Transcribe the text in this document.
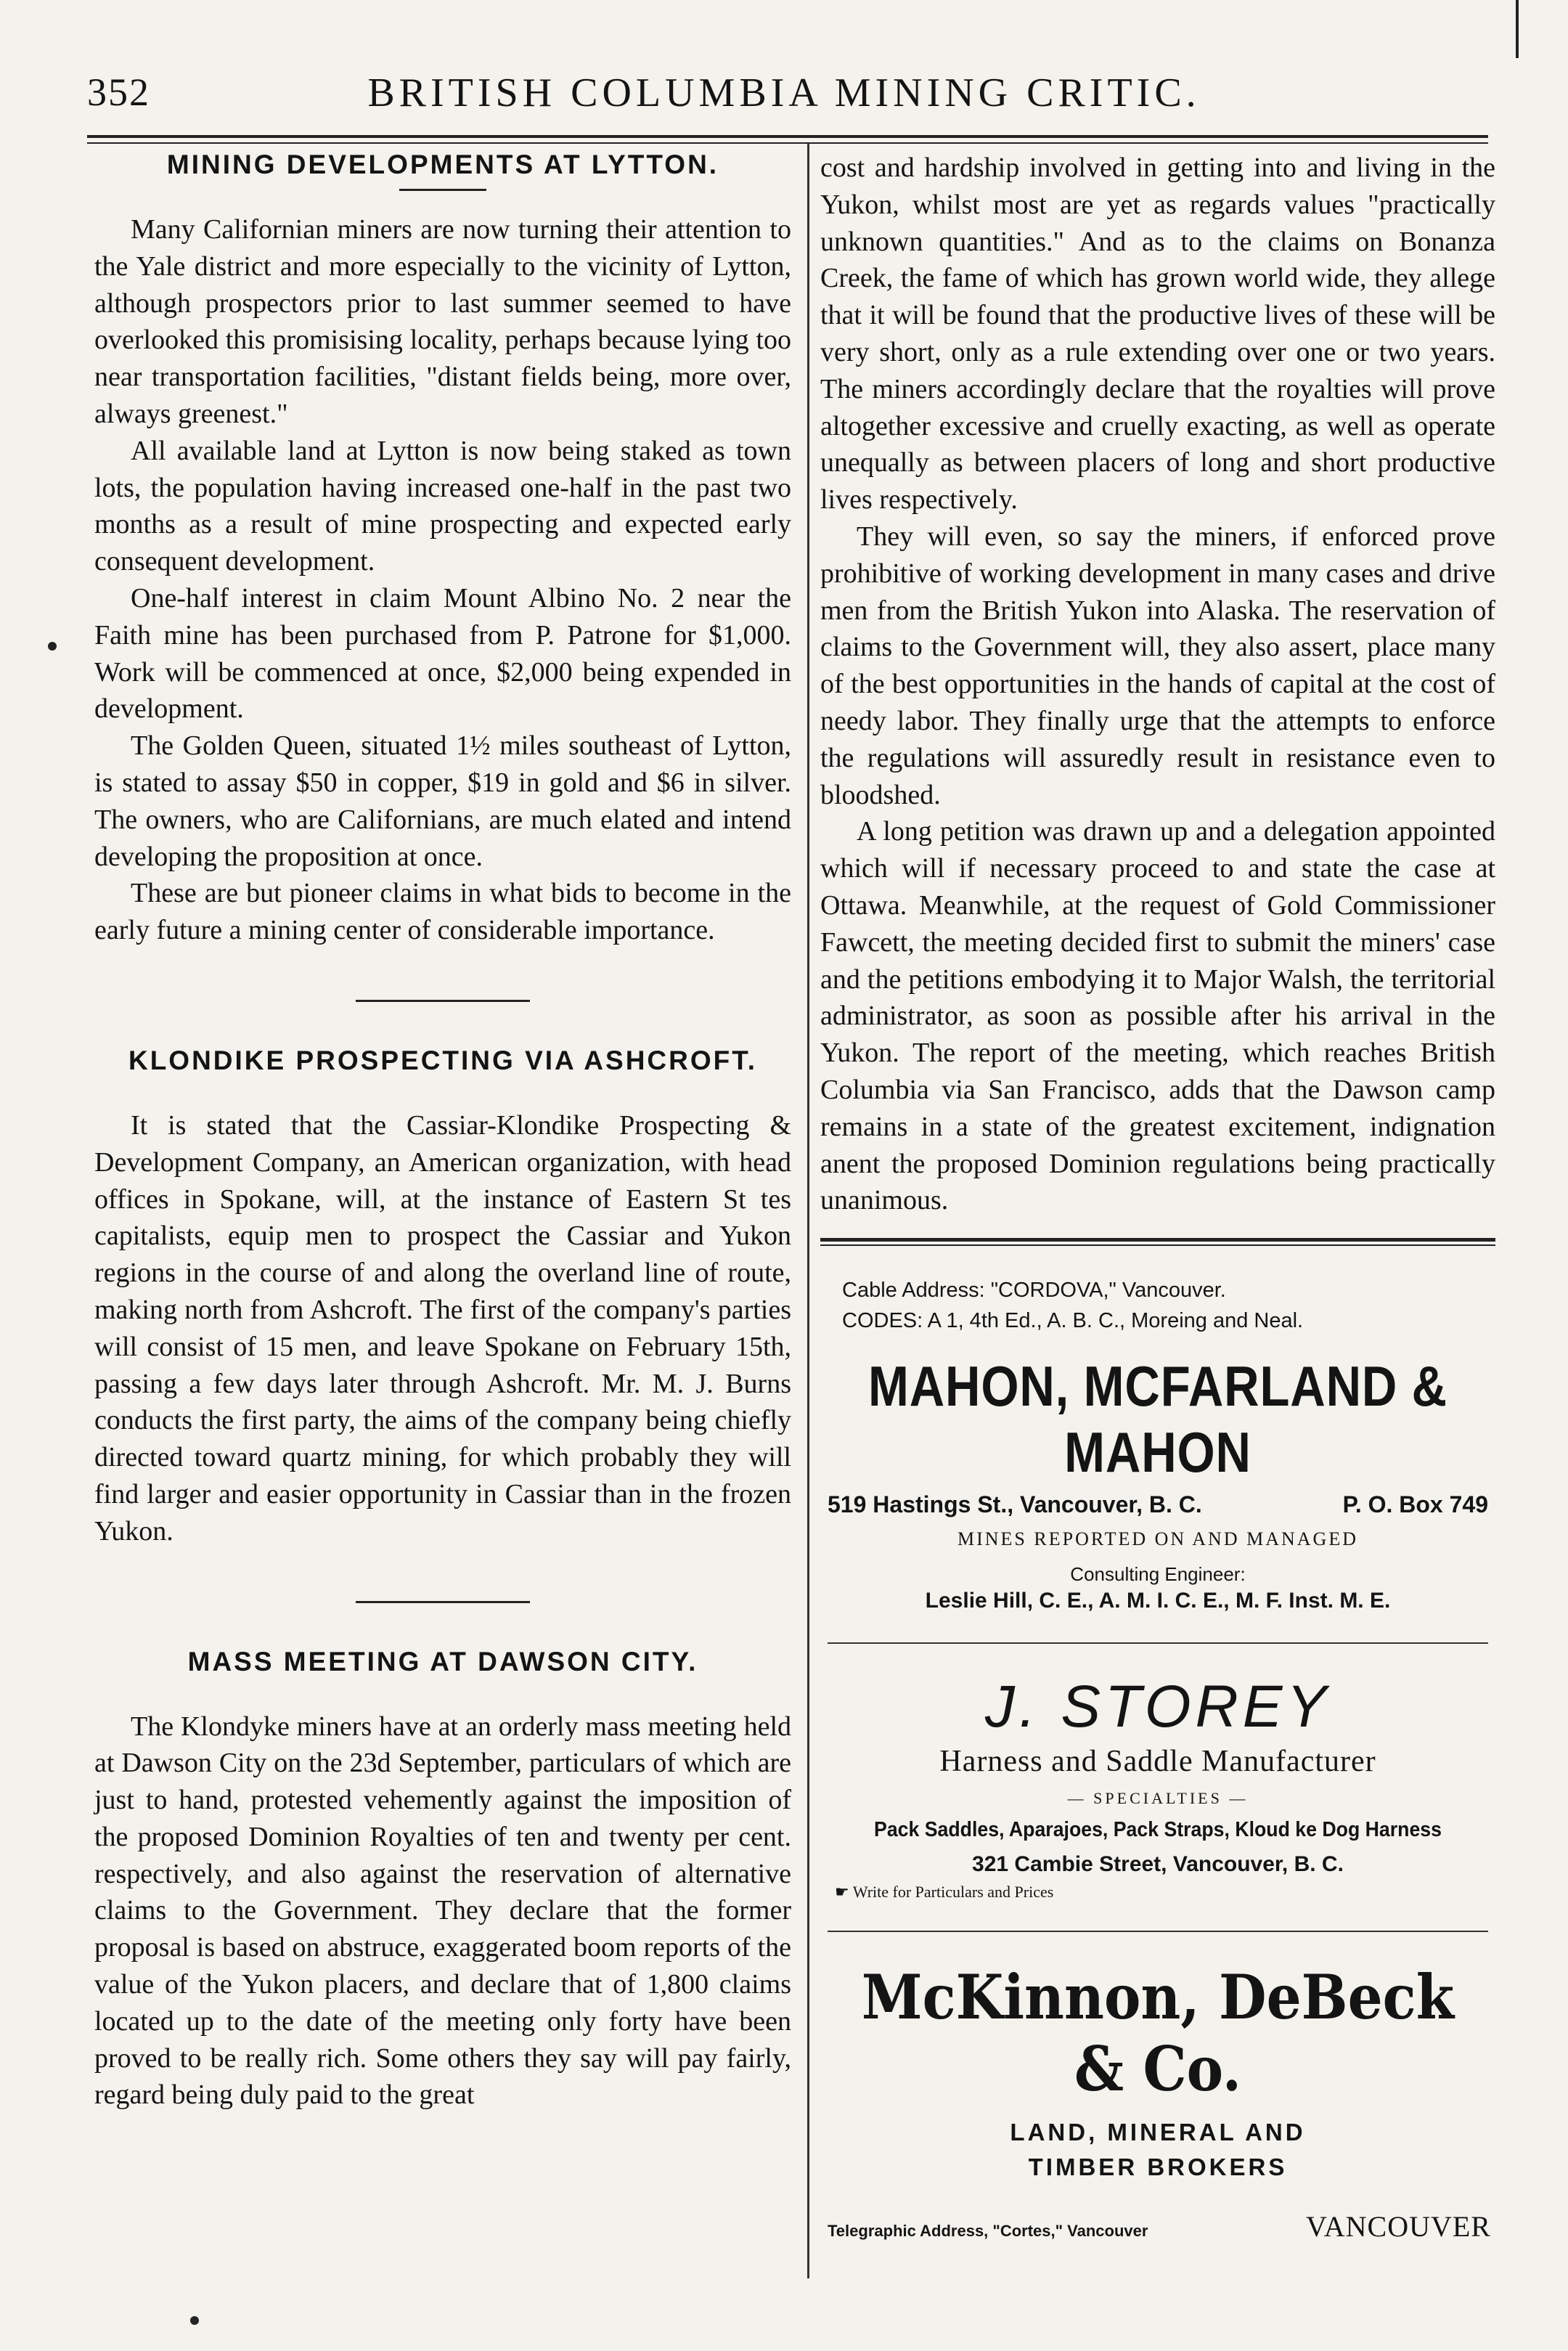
352	BRITISH COLUMBIA MINING CRITIC.
MINING DEVELOPMENTS AT LYTTON.

Many Californian miners are now turning their attention to the Yale district and more especially to the vicinity of Lytton, although prospectors prior to last summer seemed to have overlooked this promisising locality, perhaps because lying too near transportation facilities, "distant fields being, more over, always greenest."

All available land at Lytton is now being staked as town lots, the population having increased one-half in the past two months as a result of mine prospecting and expected early consequent development.

One-half interest in claim Mount Albino No. 2 near the Faith mine has been purchased from P. Patrone for $1,000. Work will be commenced at once, $2,000 being expended in development.

The Golden Queen, situated 1½ miles southeast of Lytton, is stated to assay $50 in copper, $19 in gold and $6 in silver. The owners, who are Californians, are much elated and intend developing the proposition at once.

These are but pioneer claims in what bids to become in the early future a mining center of considerable importance.

KLONDIKE PROSPECTING VIA ASHCROFT.

It is stated that the Cassiar-Klondike Prospecting & Development Company, an American organization, with head offices in Spokane, will, at the instance of Eastern St tes capitalists, equip men to prospect the Cassiar and Yukon regions in the course of and along the overland line of route, making north from Ashcroft. The first of the company's parties will consist of 15 men, and leave Spokane on February 15th, passing a few days later through Ashcroft. Mr. M. J. Burns conducts the first party, the aims of the company being chiefly directed toward quartz mining, for which probably they will find larger and easier opportunity in Cassiar than in the frozen Yukon.

MASS MEETING AT DAWSON CITY.

The Klondyke miners have at an orderly mass meeting held at Dawson City on the 23d September, particulars of which are just to hand, protested vehemently against the imposition of the proposed Dominion Royalties of ten and twenty per cent. respectively, and also against the reservation of alternative claims to the Government. They declare that the former proposal is based on abstruce, exaggerated boom reports of the value of the Yukon placers, and declare that of 1,800 claims located up to the date of the meeting only forty have been proved to be really rich. Some others they say will pay fairly, regard being duly paid to the great

cost and hardship involved in getting into and living in the Yukon, whilst most are yet as regards values "practically unknown quantities." And as to the claims on Bonanza Creek, the fame of which has grown world wide, they allege that it will be found that the productive lives of these will be very short, only as a rule extending over one or two years. The miners accordingly declare that the royalties will prove altogether excessive and cruelly exacting, as well as operate unequally as between placers of long and short productive lives respectively.

They will even, so say the miners, if enforced prove prohibitive of working development in many cases and drive men from the British Yukon into Alaska. The reservation of claims to the Government will, they also assert, place many of the best opportunities in the hands of capital at the cost of needy labor. They finally urge that the attempts to enforce the regulations will assuredly result in resistance even to bloodshed.

A long petition was drawn up and a delegation appointed which will if necessary proceed to and state the case at Ottawa. Meanwhile, at the request of Gold Commissioner Fawcett, the meeting decided first to submit the miners' case and the petitions embodying it to Major Walsh, the territorial administrator, as soon as possible after his arrival in the Yukon. The report of the meeting, which reaches British Columbia via San Francisco, adds that the Dawson camp remains in a state of the greatest excitement, indignation anent the proposed Dominion regulations being practically unanimous.

Cable Address: "CORDOVA," Vancouver.
CODES: A 1, 4th Ed., A. B. C., Moreing and Neal.
MAHON, MCFARLAND & MAHON
519 Hastings St., Vancouver, B. C.	P. O. Box 749
MINES REPORTED ON AND MANAGED
Consulting Engineer:
Leslie Hill, C. E., A. M. I. C. E., M. F. Inst. M. E.
J. STOREY
Harness and Saddle Manufacturer
— SPECIALTIES —
Pack Saddles, Aparajoes, Pack Straps, Kloud ke Dog Harness
321 Cambie Street, Vancouver, B. C.
☛ Write for Particulars and Prices
McKinnon, DeBeck & Co.
LAND, MINERAL AND
TIMBER BROKERS
Telegraphic Address, "Cortes," Vancouver	VANCOUVER
